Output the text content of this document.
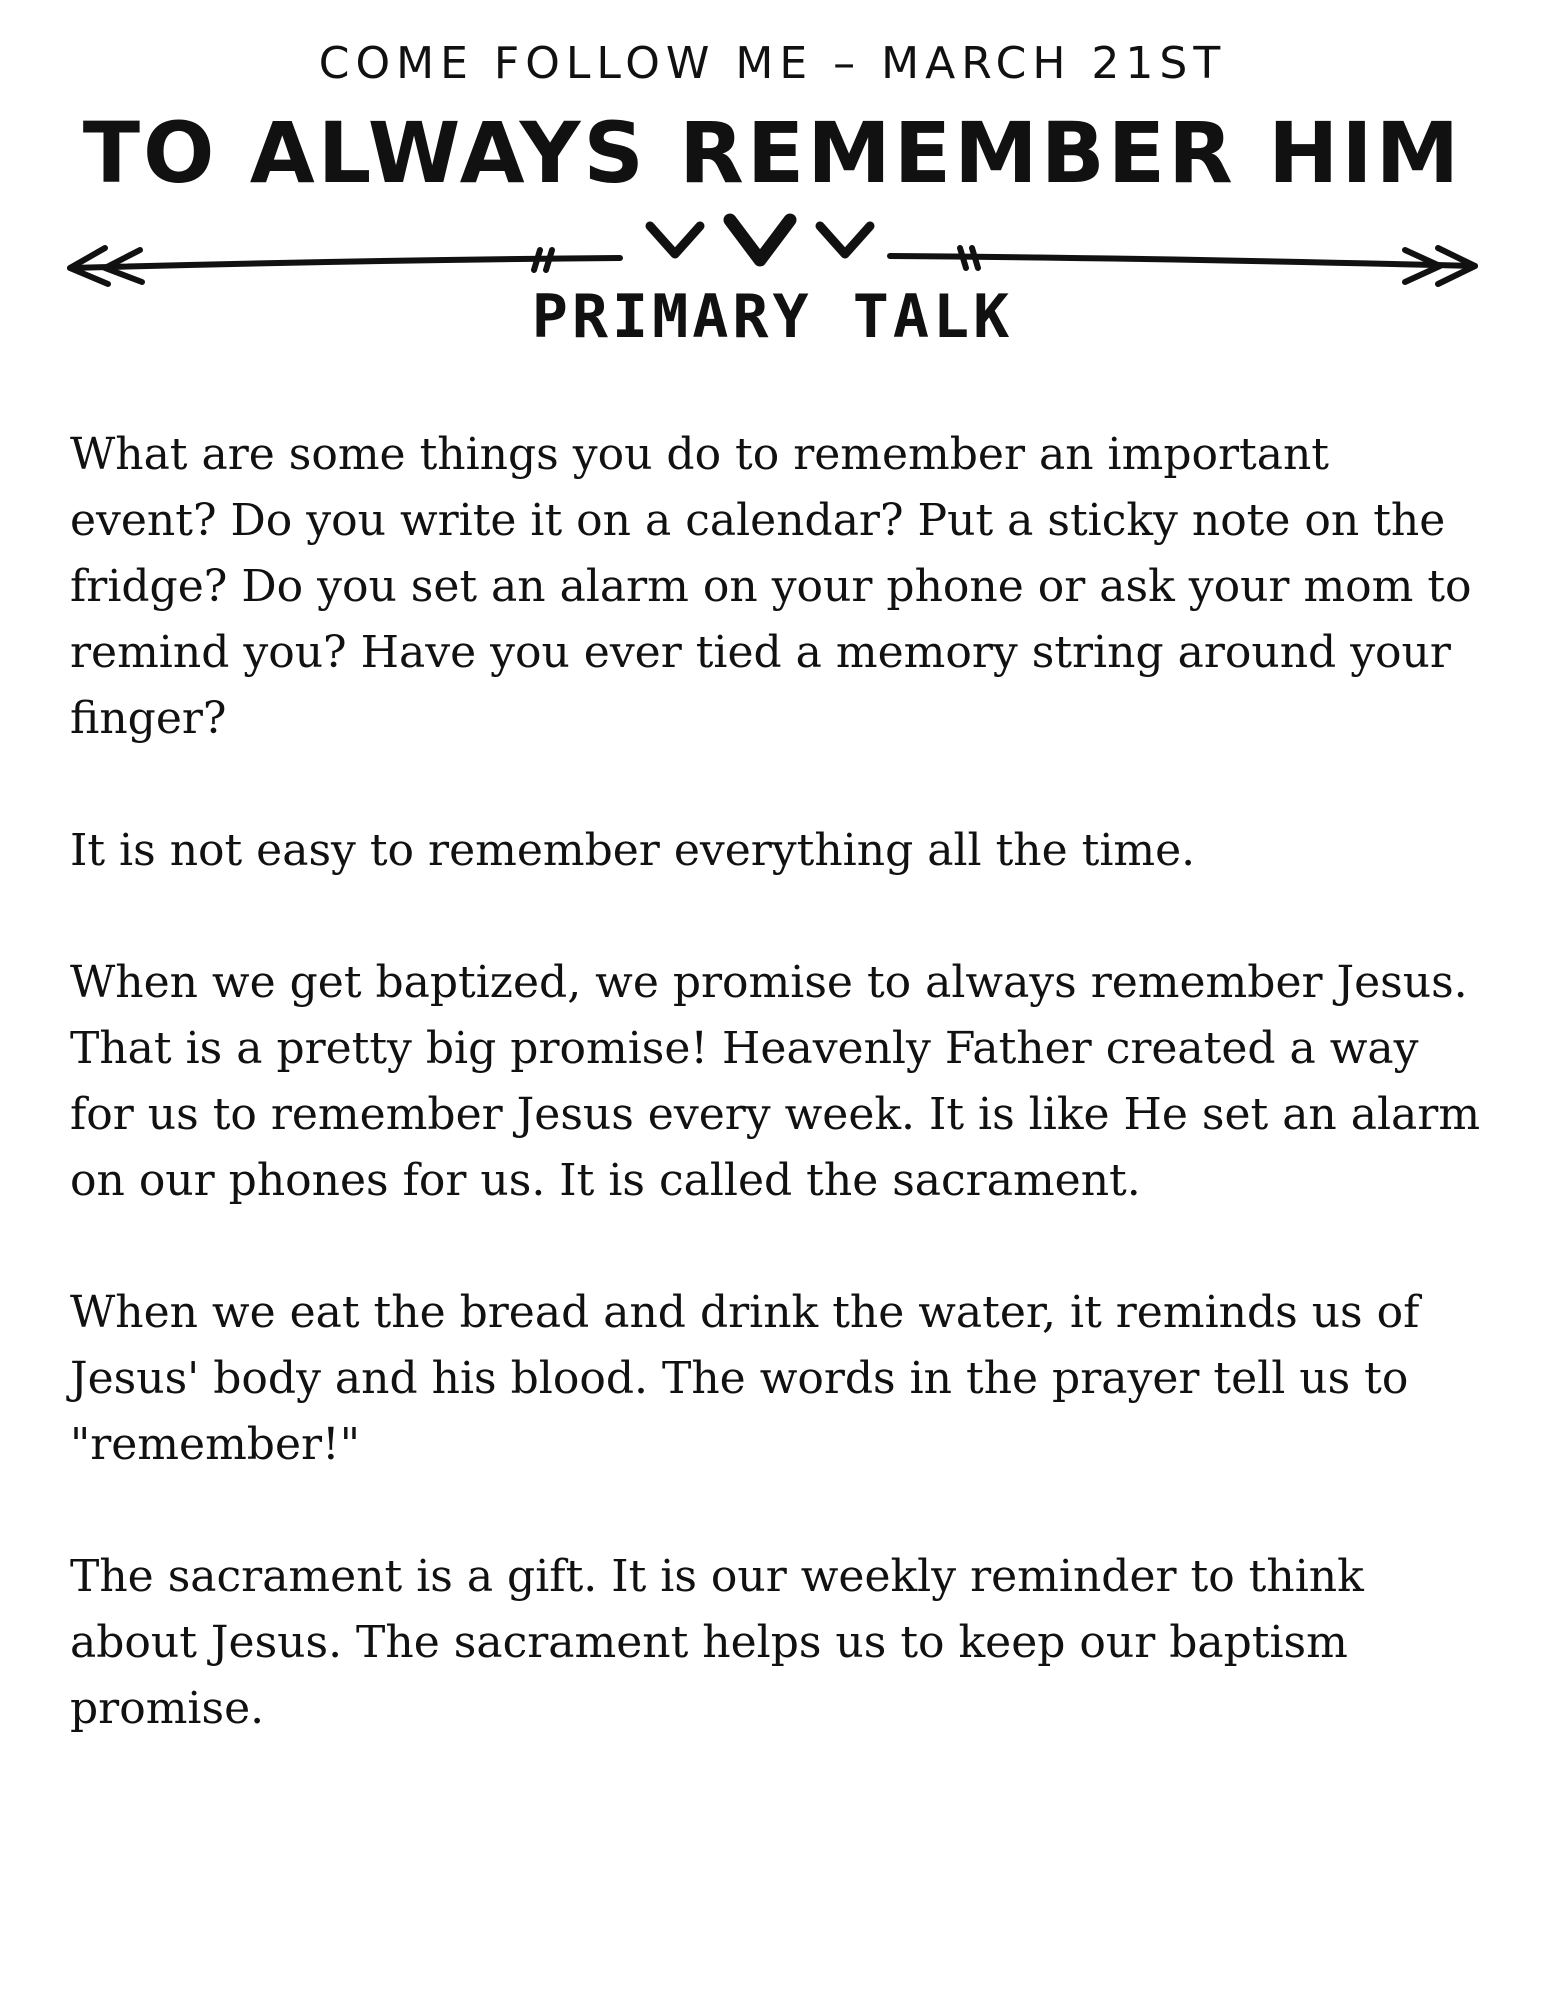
COME FOLLOW ME – MARCH 21ST
TO ALWAYS REMEMBER HIM
PRIMARY TALK

What are some things you do to remember an important event? Do you write it on a calendar? Put a sticky note on the fridge? Do you set an alarm on your phone or ask your mom to remind you? Have you ever tied a memory string around your finger?

It is not easy to remember everything all the time.

When we get baptized, we promise to always remember Jesus. That is a pretty big promise! Heavenly Father created a way for us to remember Jesus every week. It is like He set an alarm on our phones for us. It is called the sacrament.

When we eat the bread and drink the water, it reminds us of Jesus' body and his blood. The words in the prayer tell us to "remember!"

The sacrament is a gift. It is our weekly reminder to think about Jesus. The sacrament helps us to keep our baptism promise.
